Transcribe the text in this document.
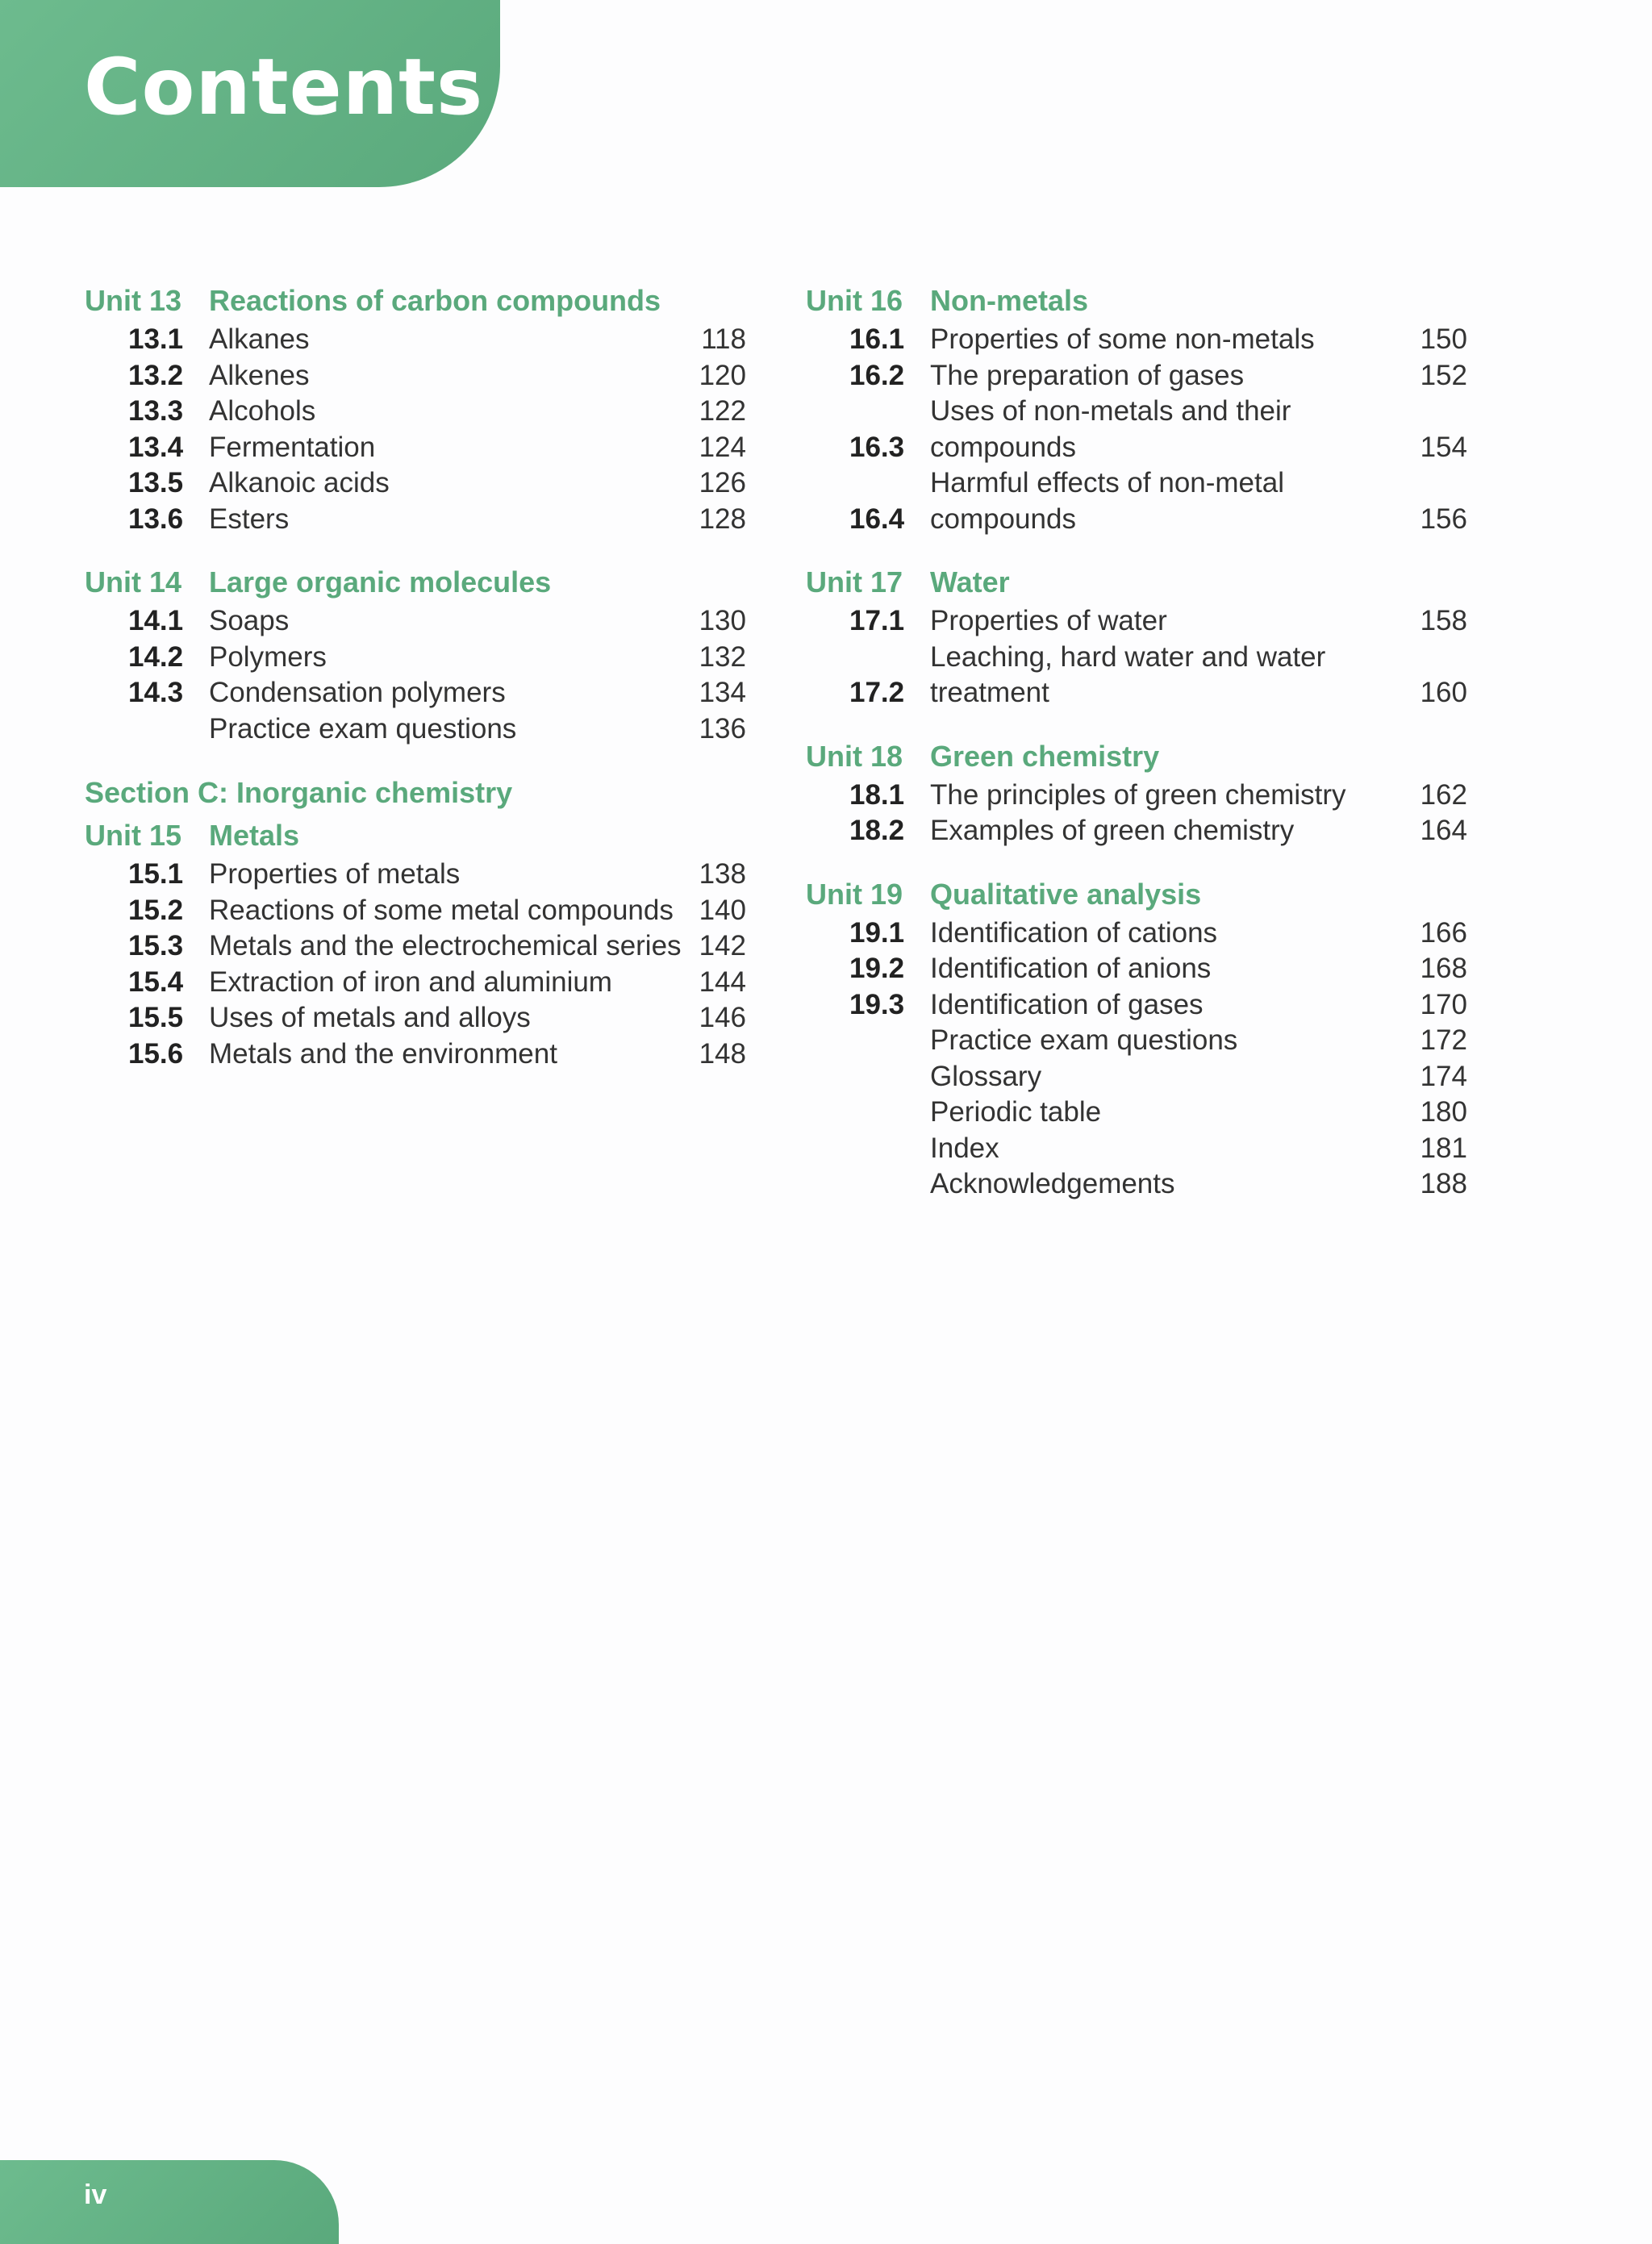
Contents
Unit 13 Reactions of carbon compounds
13.1 Alkanes	118
13.2 Alkenes	120
13.3 Alcohols	122
13.4 Fermentation	124
13.5 Alkanoic acids	126
13.6 Esters	128
Unit 14 Large organic molecules
14.1 Soaps	130
14.2 Polymers	132
14.3 Condensation polymers	134
Practice exam questions	136
Section C: Inorganic chemistry
Unit 15 Metals
15.1 Properties of metals	138
15.2 Reactions of some metal compounds 140
15.3 Metals and the electrochemical series 142
15.4 Extraction of iron and aluminium	144
15.5 Uses of metals and alloys	146
15.6 Metals and the environment	148
Unit 16 Non-metals
16.1 Properties of some non-metals	150
16.2 The preparation of gases	152
16.3
Uses of non-metals and their compounds	154
16.4
Harmful effects of non-metal compounds	156
Unit 17 Water
17.1 Properties of water	158
17.2
Leaching, hard water and water treatment	160
Unit 18 Green chemistry
18.1 The principles of green chemistry	162
18.2 Examples of green chemistry	164
Unit 19 Qualitative analysis
19.1 Identification of cations	166
19.2 Identification of anions	168
19.3 Identification of gases	170
Practice exam questions	172
Glossary	174
Periodic table	180
Index	181
Acknowledgements	188
iv
